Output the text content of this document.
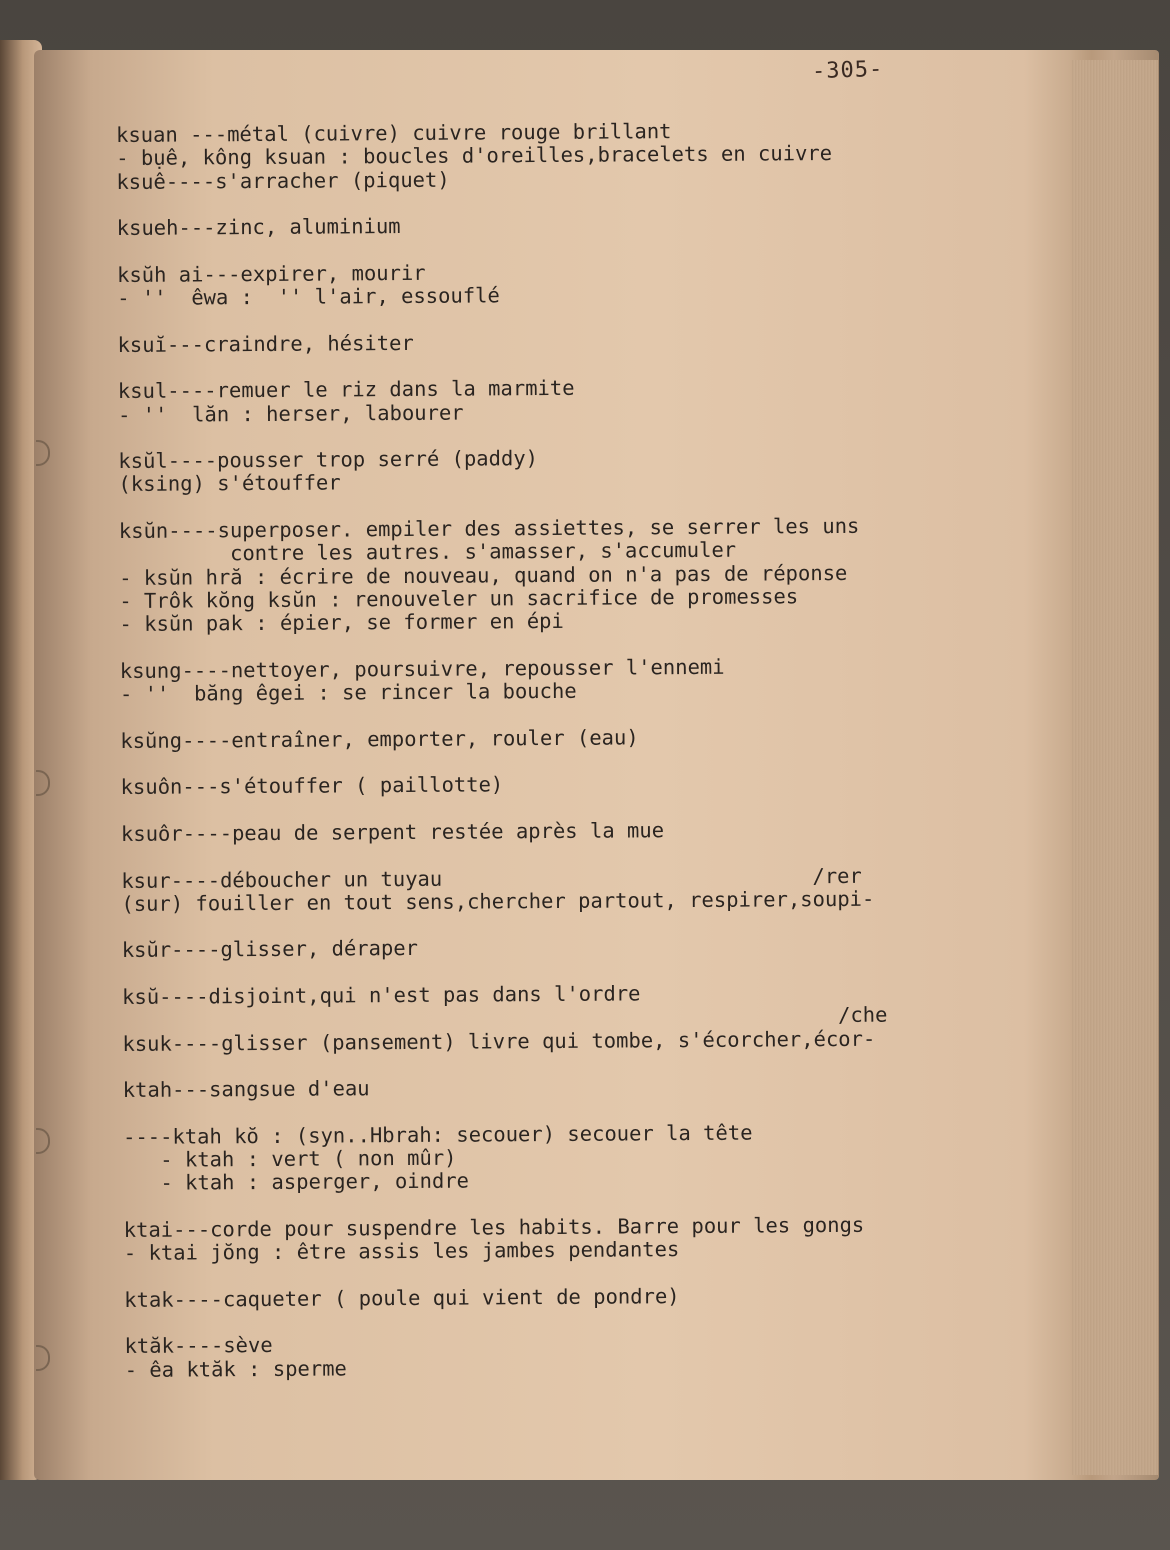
-305-
ksuan ---métal (cuivre) cuivre rouge brillant
- bụê, kông ksuan : boucles d'oreilles,bracelets en cuivre
ksuê----s'arracher (piquet)
ksueh---zinc, aluminium
ksŭh ai---expirer, mourir
- ''  êwa :  '' l'air, essouflé
ksuĭ---craindre, hésiter
ksul----remuer le riz dans la marmite
- ''  lăn : herser, labourer
ksŭl----pousser trop serré (paddy)
(ksing) s'étouffer
ksŭn----superposer. empiler des assiettes, se serrer les uns
contre les autres. s'amasser, s'accumuler
- ksŭn hră : écrire de nouveau, quand on n'a pas de réponse
- Trôk kŏng ksŭn : renouveler un sacrifice de promesses
- ksŭn pak : épier, se former en épi
ksung----nettoyer, poursuivre, repousser l'ennemi
- ''  băng êgei : se rincer la bouche
ksŭng----entraîner, emporter, rouler (eau)
ksuôn---s'étouffer ( paillotte)
ksuôr----peau de serpent restée après la mue
ksur----déboucher un tuyau                              /rer
(sur) fouiller en tout sens,chercher partout, respirer,soupi-
ksŭr----glisser, déraper
ksŭ----disjoint,qui n'est pas dans l'ordre
/che
ksuk----glisser (pansement) livre qui tombe, s'écorcher,écor-
ktah---sangsue d'eau
----ktah kŏ : (syn..Hbrah: secouer) secouer la tête
- ktah : vert ( non mûr)
- ktah : asperger, oindre
ktai---corde pour suspendre les habits. Barre pour les gongs
- ktai jŏng : être assis les jambes pendantes
ktak----caqueter ( poule qui vient de pondre)
ktăk----sève
- êa ktăk : sperme
